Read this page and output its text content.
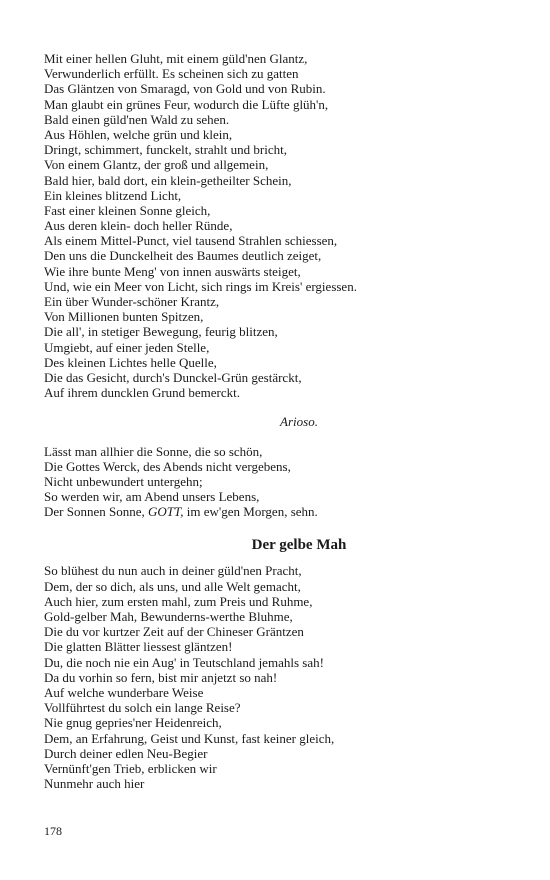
Mit einer hellen Gluht, mit einem güld'nen Glantz,
Verwunderlich erfüllt. Es scheinen sich zu gatten
Das Gläntzen von Smaragd, von Gold und von Rubin.
Man glaubt ein grünes Feur, wodurch die Lüfte glüh'n,
Bald einen güld'nen Wald zu sehen.
Aus Höhlen, welche grün und klein,
Dringt, schimmert, funckelt, strahlt und bricht,
Von einem Glantz, der groß und allgemein,
Bald hier, bald dort, ein klein-getheilter Schein,
Ein kleines blitzend Licht,
Fast einer kleinen Sonne gleich,
Aus deren klein- doch heller Ründe,
Als einem Mittel-Punct, viel tausend Strahlen schiessen,
Den uns die Dunckelheit des Baumes deutlich zeiget,
Wie ihre bunte Meng' von innen auswärts steiget,
Und, wie ein Meer von Licht, sich rings im Kreis' ergiessen.
Ein über Wunder-schöner Krantz,
Von Millionen bunten Spitzen,
Die all', in stetiger Bewegung, feurig blitzen,
Umgiebt, auf einer jeden Stelle,
Des kleinen Lichtes helle Quelle,
Die das Gesicht, durch's Dunckel-Grün gestärckt,
Auf ihrem duncklen Grund bemerckt.
Arioso.
Lässt man allhier die Sonne, die so schön,
Die Gottes Werck, des Abends nicht vergebens,
Nicht unbewundert untergehn;
So werden wir, am Abend unsers Lebens,
Der Sonnen Sonne, GOTT, im ew'gen Morgen, sehn.
Der gelbe Mah
So blühest du nun auch in deiner güld'nen Pracht,
Dem, der so dich, als uns, und alle Welt gemacht,
Auch hier, zum ersten mahl, zum Preis und Ruhme,
Gold-gelber Mah, Bewunderns-werthe Bluhme,
Die du vor kurtzer Zeit auf der Chineser Gräntzen
Die glatten Blätter liessest gläntzen!
Du, die noch nie ein Aug' in Teutschland jemahls sah!
Da du vorhin so fern, bist mir anjetzt so nah!
Auf welche wunderbare Weise
Vollführtest du solch ein lange Reise?
Nie gnug gepries'ner Heidenreich,
Dem, an Erfahrung, Geist und Kunst, fast keiner gleich,
Durch deiner edlen Neu-Begier
Vernünft'gen Trieb, erblicken wir
Nunmehr auch hier
178
